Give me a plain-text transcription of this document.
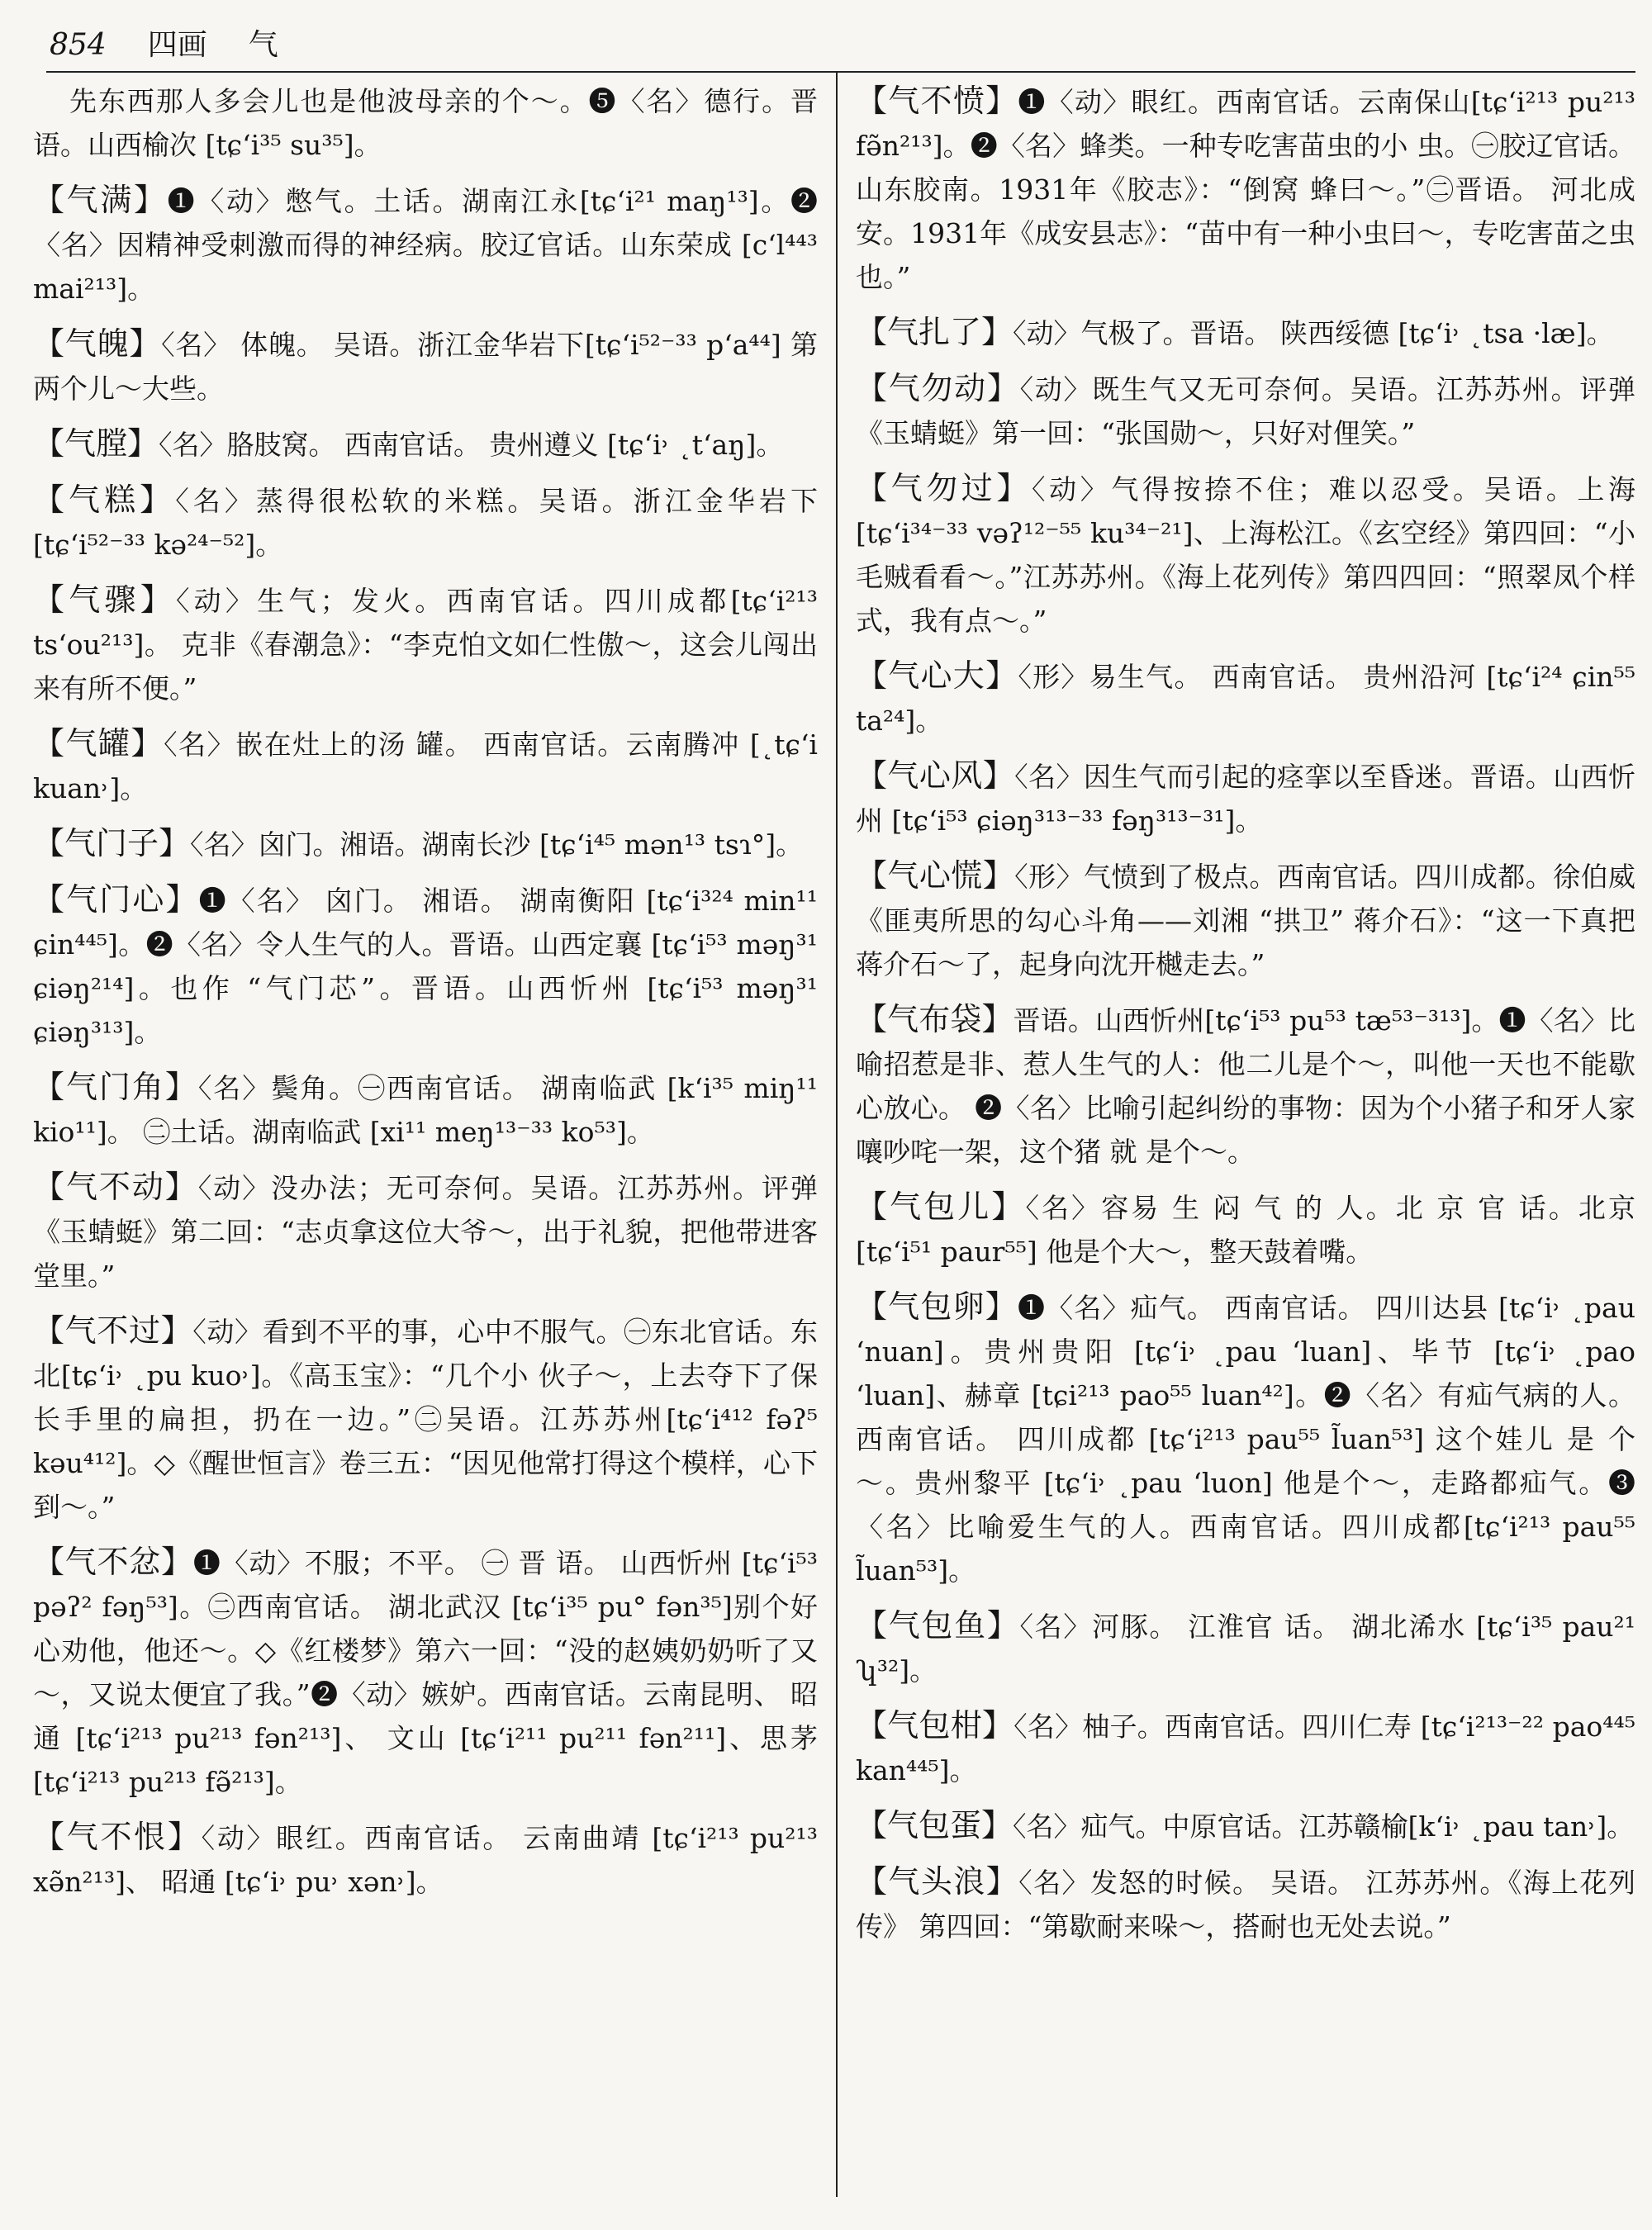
854 四画 气
先东西那人多会儿也是他波母亲的个～。❺〈名〉德行。晋语。山西榆次 [tɕʻi³⁵ su³⁵]。
【气满】❶〈动〉憋气。土话。湖南江永[tɕʻi²¹ maŋ¹³]。❷〈名〉因精神受刺激而得的神经病。胶辽官话。山东荣成 [cʻl⁴⁴³ mai²¹³]。
【气魄】〈名〉 体魄。 吴语。浙江金华岩下[tɕʻi⁵²⁻³³ pʻa⁴⁴] 第两个儿～大些。
【气膛】〈名〉胳肢窝。 西南官话。 贵州遵义 [tɕʻi˒ ˛tʻaŋ]。
【气糕】〈名〉蒸得很松软的米糕。吴语。浙江金华岩下 [tɕʻi⁵²⁻³³ kə²⁴⁻⁵²]。
【气骤】〈动〉生气；发火。西南官话。四川成都[tɕʻi²¹³ tsʻou²¹³]。 克非《春潮急》：“李克怕文如仁性傲～，这会儿闯出来有所不便。”
【气罐】〈名〉嵌在灶上的汤 罐。 西南官话。云南腾冲 [˛tɕʻi kuan˒]。
【气门子】〈名〉囟门。湘语。湖南长沙 [tɕʻi⁴⁵ mən¹³ tsɿ°]。
【气门心】❶〈名〉 囟门。 湘语。 湖南衡阳 [tɕʻi³²⁴ min¹¹ ɕin⁴⁴⁵]。❷〈名〉令人生气的人。晋语。山西定襄 [tɕʻi⁵³ məŋ³¹ ɕiəŋ²¹⁴]。也作 “气门芯”。晋语。山西忻州 [tɕʻi⁵³ məŋ³¹ ɕiəŋ³¹³]。
【气门角】〈名〉鬓角。㊀西南官话。 湖南临武 [kʻi³⁵ miŋ¹¹ kio¹¹]。 ㊁土话。湖南临武 [xi¹¹ meŋ¹³⁻³³ ko⁵³]。
【气不动】〈动〉没办法；无可奈何。吴语。江苏苏州。评弹《玉蜻蜓》第二回：“志贞拿这位大爷～，出于礼貌，把他带进客堂里。”
【气不过】〈动〉看到不平的事，心中不服气。㊀东北官话。东北[tɕʻi˒ ˛pu kuo˒]。《高玉宝》：“几个小 伙子～，上去夺下了保长手里的扁担，扔在一边。”㊁吴语。江苏苏州[tɕʻi⁴¹² fəʔ⁵ kəu⁴¹²]。◇《醒世恒言》卷三五：“因见他常打得这个模样，心下到～。”
【气不忿】❶〈动〉不服；不平。 ㊀ 晋 语。 山西忻州 [tɕʻi⁵³ pəʔ² fəŋ⁵³]。㊁西南官话。 湖北武汉 [tɕʻi³⁵ pu° fən³⁵]别个好心劝他，他还～。◇《红楼梦》第六一回：“没的赵姨奶奶听了又～，又说太便宜了我。”❷〈动〉嫉妒。西南官话。云南昆明、 昭通 [tɕʻi²¹³ pu²¹³ fən²¹³]、 文山 [tɕʻi²¹¹ pu²¹¹ fən²¹¹]、思茅 [tɕʻi²¹³ pu²¹³ fə̃²¹³]。
【气不恨】〈动〉眼红。西南官话。 云南曲靖 [tɕʻi²¹³ pu²¹³ xə̃n²¹³]、 昭通 [tɕʻi˒ pu˒ xən˒]。
【气不愤】❶〈动〉眼红。西南官话。云南保山[tɕʻi²¹³ pu²¹³ fə̃n²¹³]。❷〈名〉蜂类。一种专吃害苗虫的小 虫。㊀胶辽官话。 山东胶南。1931年《胶志》：“倒窝 蜂曰～。”㊁晋语。 河北成安。1931年《成安县志》：“苗中有一种小虫曰～，专吃害苗之虫也。”
【气扎了】〈动〉气极了。晋语。 陕西绥德 [tɕʻi˒ ˛tsa ·læ]。
【气勿动】〈动〉既生气又无可奈何。吴语。江苏苏州。评弹《玉蜻蜓》第一回：“张国勋～，只好对俚笑。”
【气勿过】〈动〉气得按捺不住；难以忍受。吴语。上海 [tɕʻi³⁴⁻³³ vəʔ¹²⁻⁵⁵ ku³⁴⁻²¹]、上海松江。《玄空经》第四回：“小毛贼看看～。”江苏苏州。《海上花列传》第四四回：“照翠凤个样式，我有点～。”
【气心大】〈形〉易生气。 西南官话。 贵州沿河 [tɕʻi²⁴ ɕin⁵⁵ ta²⁴]。
【气心风】〈名〉因生气而引起的痉挛以至昏迷。晋语。山西忻州 [tɕʻi⁵³ ɕiəŋ³¹³⁻³³ fəŋ³¹³⁻³¹]。
【气心慌】〈形〉气愤到了极点。西南官话。四川成都。徐伯威《匪夷所思的勾心斗角——刘湘 “拱卫” 蒋介石》：“这一下真把蒋介石～了，起身向沈开樾走去。”
【气布袋】晋语。山西忻州[tɕʻi⁵³ pu⁵³ tæ⁵³⁻³¹³]。❶〈名〉比喻招惹是非、惹人生气的人：他二儿是个～，叫他一天也不能歇心放心。 ❷〈名〉比喻引起纠纷的事物：因为个小猪子和牙人家嚷吵咤一架，这个猪 就 是个～。
【气包儿】〈名〉容易 生 闷 气 的 人。北 京 官 话。北京 [tɕʻi⁵¹ paur⁵⁵] 他是个大～，整天鼓着嘴。
【气包卵】❶〈名〉疝气。 西南官话。 四川达县 [tɕʻi˒ ˛pau ʻnuan]。贵州贵阳 [tɕʻi˒ ˛pau ʻluan]、毕节 [tɕʻi˒ ˛pao ʻluan]、赫章 [tɕi²¹³ pao⁵⁵ luan⁴²]。❷〈名〉有疝气病的人。西南官话。 四川成都 [tɕʻi²¹³ pau⁵⁵ l̃uan⁵³] 这个娃儿 是 个 ～。贵州黎平 [tɕʻi˒ ˛pau ʻluon] 他是个～，走路都疝气。❸〈名〉比喻爱生气的人。西南官话。四川成都[tɕʻi²¹³ pau⁵⁵ l̃uan⁵³]。
【气包鱼】〈名〉河豚。 江淮官 话。 湖北浠水 [tɕʻi³⁵ pau²¹ ʮ³²]。
【气包柑】〈名〉柚子。西南官话。四川仁寿 [tɕʻi²¹³⁻²² pao⁴⁴⁵ kan⁴⁴⁵]。
【气包蛋】〈名〉疝气。中原官话。江苏赣榆[kʻi˒ ˛pau tan˒]。
【气头浪】〈名〉发怒的时候。 吴语。 江苏苏州。《海上花列传》 第四回：“第歇耐来哚～，搭耐也无处去说。”
